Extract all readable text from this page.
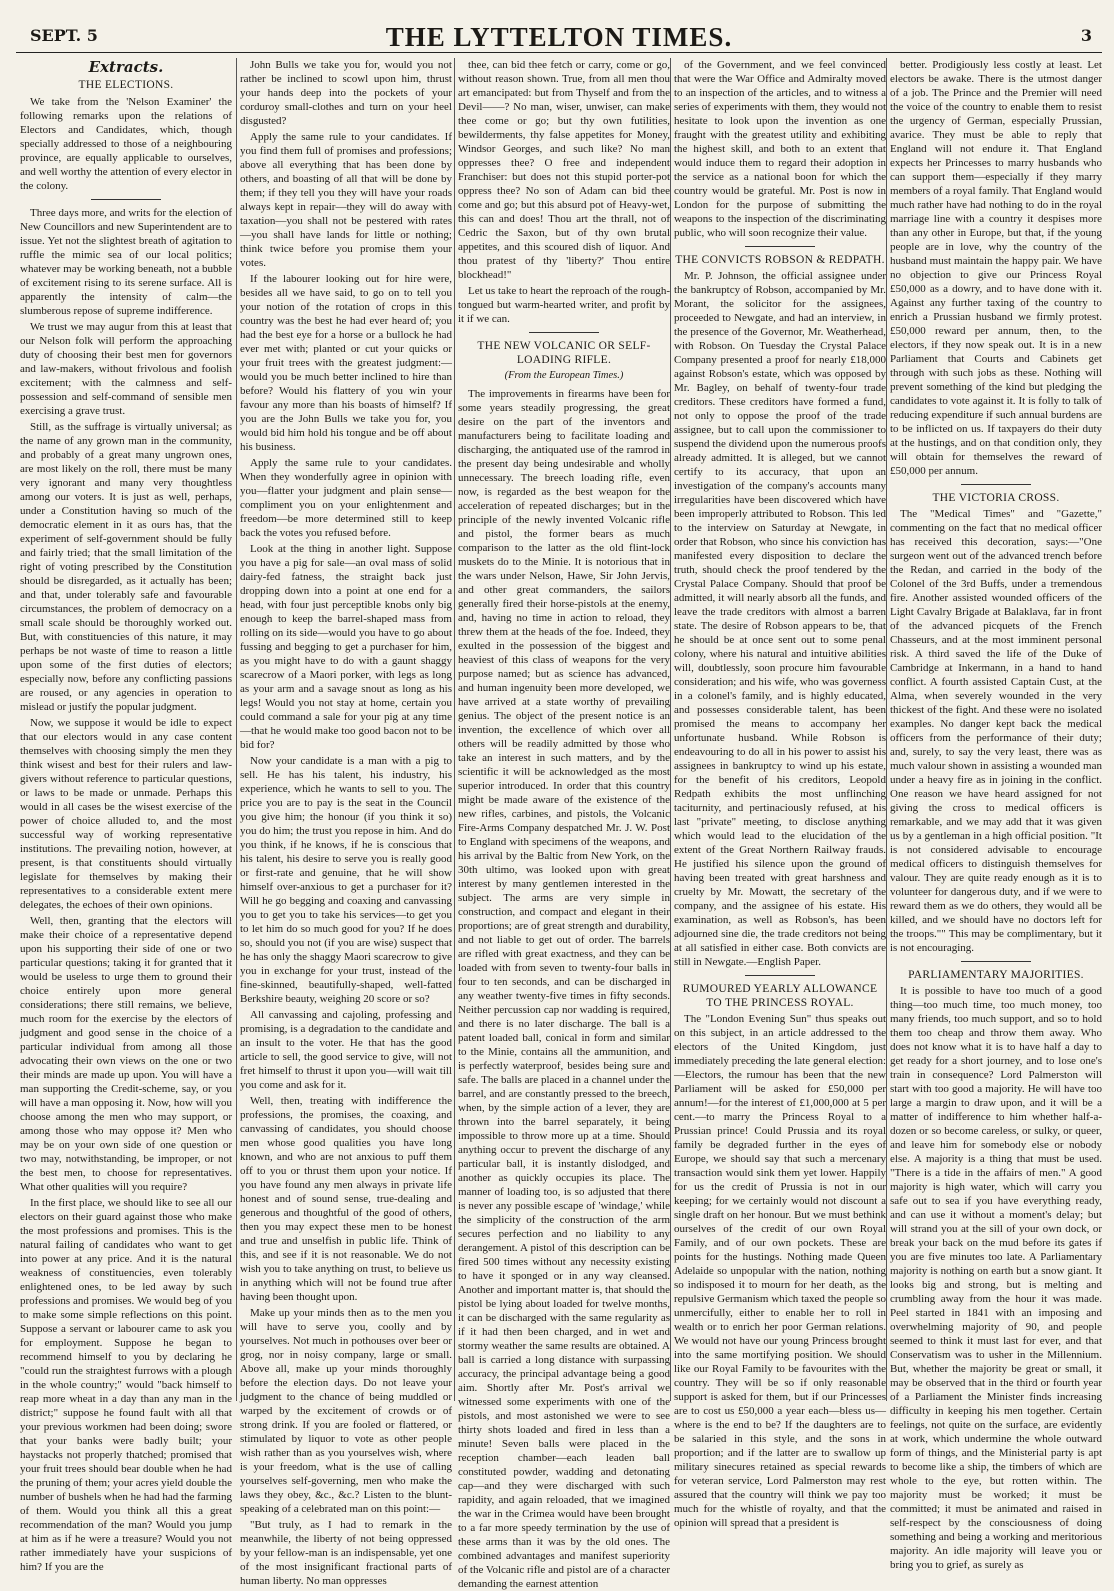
SEPT. 5	THE LYTTELTON TIMES.	3
Extracts.
THE ELECTIONS.

We take from the 'Nelson Examiner' the following remarks upon the relations of Electors and Candidates, which, though specially addressed to those of a neighbouring province, are equally applicable to ourselves, and well worthy the attention of every elector in the colony.

Three days more, and writs for the election of New Councillors and new Superintendent are to issue. Yet not the slightest breath of agitation to ruffle the mimic sea of our local politics; whatever may be working beneath, not a bubble of excitement rising to its serene surface. All is apparently the intensity of calm—the slumberous repose of supreme indifference.

We trust we may augur from this at least that our Nelson folk will perform the approaching duty of choosing their best men for governors and law-makers, without frivolous and foolish excitement; with the calmness and self-possession and self-command of sensible men exercising a grave trust.

Still, as the suffrage is virtually universal; as the name of any grown man in the community, and probably of a great many ungrown ones, are most likely on the roll, there must be many very ignorant and many very thoughtless among our voters. It is just as well, perhaps, under a Constitution having so much of the democratic element in it as ours has, that the experiment of self-government should be fully and fairly tried; that the small limitation of the right of voting prescribed by the Constitution should be disregarded, as it actually has been; and that, under tolerably safe and favourable circumstances, the problem of democracy on a small scale should be thoroughly worked out. But, with constituencies of this nature, it may perhaps be not waste of time to reason a little upon some of the first duties of electors; especially now, before any conflicting passions are roused, or any agencies in operation to mislead or justify the popular judgment.

Now, we suppose it would be idle to expect that our electors would in any case content themselves with choosing simply the men they think wisest and best for their rulers and law-givers without reference to particular questions, or laws to be made or unmade. Perhaps this would in all cases be the wisest exercise of the power of choice alluded to, and the most successful way of working representative institutions. The prevailing notion, however, at present, is that constituents should virtually legislate for themselves by making their representatives to a considerable extent mere delegates, the echoes of their own opinions.

Well, then, granting that the electors will make their choice of a representative depend upon his supporting their side of one or two particular questions; taking it for granted that it would be useless to urge them to ground their choice entirely upon more general considerations; there still remains, we believe, much room for the exercise by the electors of judgment and good sense in the choice of a particular individual from among all those advocating their own views on the one or two their minds are made up upon. You will have a man supporting the Credit-scheme, say, or you will have a man opposing it. Now, how will you choose among the men who may support, or among those who may oppose it? Men who may be on your own side of one question or two may, notwithstanding, be improper, or not the best men, to choose for representatives. What other qualities will you require?

In the first place, we should like to see all our electors on their guard against those who make the most professions and promises. This is the natural failing of candidates who want to get into power at any price. And it is the natural weakness of constituencies, even tolerably enlightened ones, to be led away by such professions and promises. We would beg of you to make some simple reflections on this point. Suppose a servant or labourer came to ask you for employment. Suppose he began to recommend himself to you by declaring he "could run the straightest furrows with a plough in the whole country;" would "back himself to reap more wheat in a day than any man in the district;" suppose he found fault with all that your previous workmen had been doing; swore that your banks were badly built; your haystacks not properly thatched; promised that your fruit trees should bear double when he had the pruning of them; your acres yield double the number of bushels when he had had the farming of them. Would you think all this a great recommendation of the man? Would you jump at him as if he were a treasure? Would you not rather immediately have your suspicions of him? If you are the

John Bulls we take you for, would you not rather be inclined to scowl upon him, thrust your hands deep into the pockets of your corduroy small-clothes and turn on your heel disgusted?

Apply the same rule to your candidates. If you find them full of promises and professions; above all everything that has been done by others, and boasting of all that will be done by them; if they tell you they will have your roads always kept in repair—they will do away with taxation—you shall not be pestered with rates—you shall have lands for little or nothing; think twice before you promise them your votes.

If the labourer looking out for hire were, besides all we have said, to go on to tell you your notion of the rotation of crops in this country was the best he had ever heard of; you had the best eye for a horse or a bullock he had ever met with; planted or cut your quicks or your fruit trees with the greatest judgment:—would you be much better inclined to hire than before? Would his flattery of you win your favour any more than his boasts of himself? If you are the John Bulls we take you for, you would bid him hold his tongue and be off about his business.

Apply the same rule to your candidates. When they wonderfully agree in opinion with you—flatter your judgment and plain sense—compliment you on your enlightenment and freedom—be more determined still to keep back the votes you refused before.

Look at the thing in another light. Suppose you have a pig for sale—an oval mass of solid dairy-fed fatness, the straight back just dropping down into a point at one end for a head, with four just perceptible knobs only big enough to keep the barrel-shaped mass from rolling on its side—would you have to go about fussing and begging to get a purchaser for him, as you might have to do with a gaunt shaggy scarecrow of a Maori porker, with legs as long as your arm and a savage snout as long as his legs! Would you not stay at home, certain you could command a sale for your pig at any time—that he would make too good bacon not to be bid for?

Now your candidate is a man with a pig to sell. He has his talent, his industry, his experience, which he wants to sell to you. The price you are to pay is the seat in the Council you give him; the honour (if you think it so) you do him; the trust you repose in him. And do you think, if he knows, if he is conscious that his talent, his desire to serve you is really good or first-rate and genuine, that he will show himself over-anxious to get a purchaser for it? Will he go begging and coaxing and canvassing you to get you to take his services—to get you to let him do so much good for you? If he does so, should you not (if you are wise) suspect that he has only the shaggy Maori scarecrow to give you in exchange for your trust, instead of the fine-skinned, beautifully-shaped, well-fatted Berkshire beauty, weighing 20 score or so?

All canvassing and cajoling, professing and promising, is a degradation to the candidate and an insult to the voter. He that has the good article to sell, the good service to give, will not fret himself to thrust it upon you—will wait till you come and ask for it.

Well, then, treating with indifference the professions, the promises, the coaxing, and canvassing of candidates, you should choose men whose good qualities you have long known, and who are not anxious to puff them off to you or thrust them upon your notice. If you have found any men always in private life honest and of sound sense, true-dealing and generous and thoughtful of the good of others, then you may expect these men to be honest and true and unselfish in public life. Think of this, and see if it is not reasonable. We do not wish you to take anything on trust, to believe us in anything which will not be found true after having been thought upon.

Make up your minds then as to the men you will have to serve you, coolly and by yourselves. Not much in pothouses over beer or grog, nor in noisy company, large or small. Above all, make up your minds thoroughly before the election days. Do not leave your judgment to the chance of being muddled or warped by the excitement of crowds or of strong drink. If you are fooled or flattered, or stimulated by liquor to vote as other people wish rather than as you yourselves wish, where is your freedom, what is the use of calling yourselves self-governing, men who make the laws they obey, &c., &c.? Listen to the blunt-speaking of a celebrated man on this point:—

"But truly, as I had to remark in the meanwhile, the liberty of not being oppressed by your fellow-man is an indispensable, yet one of the most insignificant fractional parts of human liberty. No man oppresses

thee, can bid thee fetch or carry, come or go, without reason shown. True, from all men thou art emancipated: but from Thyself and from the Devil——? No man, wiser, unwiser, can make thee come or go; but thy own futilities, bewilderments, thy false appetites for Money, Windsor Georges, and such like? No man oppresses thee? O free and independent Franchiser: but does not this stupid porter-pot oppress thee? No son of Adam can bid thee come and go; but this absurd pot of Heavy-wet, this can and does! Thou art the thrall, not of Cedric the Saxon, but of thy own brutal appetites, and this scoured dish of liquor. And thou pratest of thy 'liberty?' Thou entire blockhead!"

Let us take to heart the reproach of the rough-tongued but warm-hearted writer, and profit by it if we can.

THE NEW VOLCANIC OR SELF-LOADING RIFLE.
(From the European Times.)

The improvements in firearms have been for some years steadily progressing, the great desire on the part of the inventors and manufacturers being to facilitate loading and discharging, the antiquated use of the ramrod in the present day being undesirable and wholly unnecessary. The breech loading rifle, even now, is regarded as the best weapon for the acceleration of repeated discharges; but in the principle of the newly invented Volcanic rifle and pistol, the former bears as much comparison to the latter as the old flint-lock muskets do to the Minie. It is notorious that in the wars under Nelson, Hawe, Sir John Jervis, and other great commanders, the sailors generally fired their horse-pistols at the enemy, and, having no time in action to reload, they threw them at the heads of the foe. Indeed, they exulted in the possession of the biggest and heaviest of this class of weapons for the very purpose named; but as science has advanced, and human ingenuity been more developed, we have arrived at a state worthy of prevailing genius. The object of the present notice is an invention, the excellence of which over all others will be readily admitted by those who take an interest in such matters, and by the scientific it will be acknowledged as the most superior introduced. In order that this country might be made aware of the existence of the new rifles, carbines, and pistols, the Volcanic Fire-Arms Company despatched Mr. J. W. Post to England with specimens of the weapons, and his arrival by the Baltic from New York, on the 30th ultimo, was looked upon with great interest by many gentlemen interested in the subject. The arms are very simple in construction, and compact and elegant in their proportions; are of great strength and durability, and not liable to get out of order. The barrels are rifled with great exactness, and they can be loaded with from seven to twenty-four balls in four to ten seconds, and can be discharged in any weather twenty-five times in fifty seconds. Neither percussion cap nor wadding is required, and there is no later discharge. The ball is a patent loaded ball, conical in form and similar to the Minie, contains all the ammunition, and is perfectly waterproof, besides being sure and safe. The balls are placed in a channel under the barrel, and are constantly pressed to the breech, when, by the simple action of a lever, they are thrown into the barrel separately, it being impossible to throw more up at a time. Should anything occur to prevent the discharge of any particular ball, it is instantly dislodged, and another as quickly occupies its place. The manner of loading too, is so adjusted that there is never any possible escape of 'windage,' while the simplicity of the construction of the arm secures perfection and no liability to any derangement. A pistol of this description can be fired 500 times without any necessity existing to have it sponged or in any way cleansed. Another and important matter is, that should the pistol be lying about loaded for twelve months, it can be discharged with the same regularity as if it had then been charged, and in wet and stormy weather the same results are obtained. A ball is carried a long distance with surpassing accuracy, the principal advantage being a good aim. Shortly after Mr. Post's arrival we witnessed some experiments with one of the pistols, and most astonished we were to see thirty shots loaded and fired in less than a minute! Seven balls were placed in the reception chamber—each leaden ball constituted powder, wadding and detonating cap—and they were discharged with such rapidity, and again reloaded, that we imagined the war in the Crimea would have been brought to a far more speedy termination by the use of these arms than it was by the old ones. The combined advantages and manifest superiority of the Volcanic rifle and pistol are of a character demanding the earnest attention

of the Government, and we feel convinced that were the War Office and Admiralty moved to an inspection of the articles, and to witness a series of experiments with them, they would not hesitate to look upon the invention as one fraught with the greatest utility and exhibiting the highest skill, and both to an extent that would induce them to regard their adoption in the service as a national boon for which the country would be grateful. Mr. Post is now in London for the purpose of submitting the weapons to the inspection of the discriminating public, who will soon recognize their value.

THE CONVICTS ROBSON & REDPATH.

Mr. P. Johnson, the official assignee under the bankruptcy of Robson, accompanied by Mr. Morant, the solicitor for the assignees, proceeded to Newgate, and had an interview, in the presence of the Governor, Mr. Weatherhead, with Robson. On Tuesday the Crystal Palace Company presented a proof for nearly £18,000 against Robson's estate, which was opposed by Mr. Bagley, on behalf of twenty-four trade creditors. These creditors have formed a fund, not only to oppose the proof of the trade assignee, but to call upon the commissioner to suspend the dividend upon the numerous proofs already admitted. It is alleged, but we cannot certify to its accuracy, that upon an investigation of the company's accounts many irregularities have been discovered which have been improperly attributed to Robson. This led to the interview on Saturday at Newgate, in order that Robson, who since his conviction has manifested every disposition to declare the truth, should check the proof tendered by the Crystal Palace Company. Should that proof be admitted, it will nearly absorb all the funds, and leave the trade creditors with almost a barren state. The desire of Robson appears to be, that he should be at once sent out to some penal colony, where his natural and intuitive abilities will, doubtlessly, soon procure him favourable consideration; and his wife, who was governess in a colonel's family, and is highly educated, and possesses considerable talent, has been promised the means to accompany her unfortunate husband. While Robson is endeavouring to do all in his power to assist his assignees in bankruptcy to wind up his estate, for the benefit of his creditors, Leopold Redpath exhibits the most unflinching taciturnity, and pertinaciously refused, at his last "private" meeting, to disclose anything which would lead to the elucidation of the extent of the Great Northern Railway frauds. He justified his silence upon the ground of having been treated with great harshness and cruelty by Mr. Mowatt, the secretary of the company, and the assignee of his estate. His examination, as well as Robson's, has been adjourned sine die, the trade creditors not being at all satisfied in either case. Both convicts are still in Newgate.—English Paper.

RUMOURED YEARLY ALLOWANCE TO THE PRINCESS ROYAL.

The "London Evening Sun" thus speaks out on this subject, in an article addressed to the electors of the United Kingdom, just immediately preceding the late general election:—Electors, the rumour has been that the new Parliament will be asked for £50,000 per annum!—for the interest of £1,000,000 at 5 per cent.—to marry the Princess Royal to a Prussian prince! Could Prussia and its royal family be degraded further in the eyes of Europe, we should say that such a mercenary transaction would sink them yet lower. Happily for us the credit of Prussia is not in our keeping; for we certainly would not discount a single draft on her honour. But we must bethink ourselves of the credit of our own Royal Family, and of our own pockets. These are points for the hustings. Nothing made Queen Adelaide so unpopular with the nation, nothing so indisposed it to mourn for her death, as the repulsive Germanism which taxed the people so unmercifully, either to enable her to roll in wealth or to enrich her poor German relations. We would not have our young Princess brought into the same mortifying position. We should like our Royal Family to be favourites with the country. They will be so if only reasonable support is asked for them, but if our Princesses are to cost us £50,000 a year each—bless us—where is the end to be? If the daughters are to be salaried in this style, and the sons in proportion; and if the latter are to swallow up military sinecures retained as special rewards for veteran service, Lord Palmerston may rest assured that the country will think we pay too much for the whistle of royalty, and that the opinion will spread that a president is

better. Prodigiously less costly at least. Let electors be awake. There is the utmost danger of a job. The Prince and the Premier will need the voice of the country to enable them to resist the urgency of German, especially Prussian, avarice. They must be able to reply that England will not endure it. That England expects her Princesses to marry husbands who can support them—especially if they marry members of a royal family. That England would much rather have had nothing to do in the royal marriage line with a country it despises more than any other in Europe, but that, if the young people are in love, why the country of the husband must maintain the happy pair. We have no objection to give our Princess Royal £50,000 as a dowry, and to have done with it. Against any further taxing of the country to enrich a Prussian husband we firmly protest. £50,000 reward per annum, then, to the electors, if they now speak out. It is in a new Parliament that Courts and Cabinets get through with such jobs as these. Nothing will prevent something of the kind but pledging the candidates to vote against it. It is folly to talk of reducing expenditure if such annual burdens are to be inflicted on us. If taxpayers do their duty at the hustings, and on that condition only, they will obtain for themselves the reward of £50,000 per annum.

THE VICTORIA CROSS.

The "Medical Times" and "Gazette," commenting on the fact that no medical officer has received this decoration, says:—"One surgeon went out of the advanced trench before the Redan, and carried in the body of the Colonel of the 3rd Buffs, under a tremendous fire. Another assisted wounded officers of the Light Cavalry Brigade at Balaklava, far in front of the advanced picquets of the French Chasseurs, and at the most imminent personal risk. A third saved the life of the Duke of Cambridge at Inkermann, in a hand to hand conflict. A fourth assisted Captain Cust, at the Alma, when severely wounded in the very thickest of the fight. And these were no isolated examples. No danger kept back the medical officers from the performance of their duty; and, surely, to say the very least, there was as much valour shown in assisting a wounded man under a heavy fire as in joining in the conflict. One reason we have heard assigned for not giving the cross to medical officers is remarkable, and we may add that it was given us by a gentleman in a high official position. "It is not considered advisable to encourage medical officers to distinguish themselves for valour. They are quite ready enough as it is to volunteer for dangerous duty, and if we were to reward them as we do others, they would all be killed, and we should have no doctors left for the troops."" This may be complimentary, but it is not encouraging.

PARLIAMENTARY MAJORITIES.

It is possible to have too much of a good thing—too much time, too much money, too many friends, too much support, and so to hold them too cheap and throw them away. Who does not know what it is to have half a day to get ready for a short journey, and to lose one's train in consequence? Lord Palmerston will start with too good a majority. He will have too large a margin to draw upon, and it will be a matter of indifference to him whether half-a-dozen or so become careless, or sulky, or queer, and leave him for somebody else or nobody else. A majority is a thing that must be used. "There is a tide in the affairs of men." A good majority is high water, which will carry you safe out to sea if you have everything ready, and can use it without a moment's delay; but will strand you at the sill of your own dock, or break your back on the mud before its gates if you are five minutes too late. A Parliamentary majority is nothing on earth but a snow giant. It looks big and strong, but is melting and crumbling away from the hour it was made. Peel started in 1841 with an imposing and overwhelming majority of 90, and people seemed to think it must last for ever, and that Conservatism was to usher in the Millennium. But, whether the majority be great or small, it may be observed that in the third or fourth year of a Parliament the Minister finds increasing difficulty in keeping his men together. Certain feelings, not quite on the surface, are evidently at work, which undermine the whole outward form of things, and the Ministerial party is apt to become like a ship, the timbers of which are whole to the eye, but rotten within. The majority must be worked; it must be committed; it must be animated and raised in self-respect by the consciousness of doing something and being a working and meritorious majority. An idle majority will leave you or bring you to grief, as surely as
